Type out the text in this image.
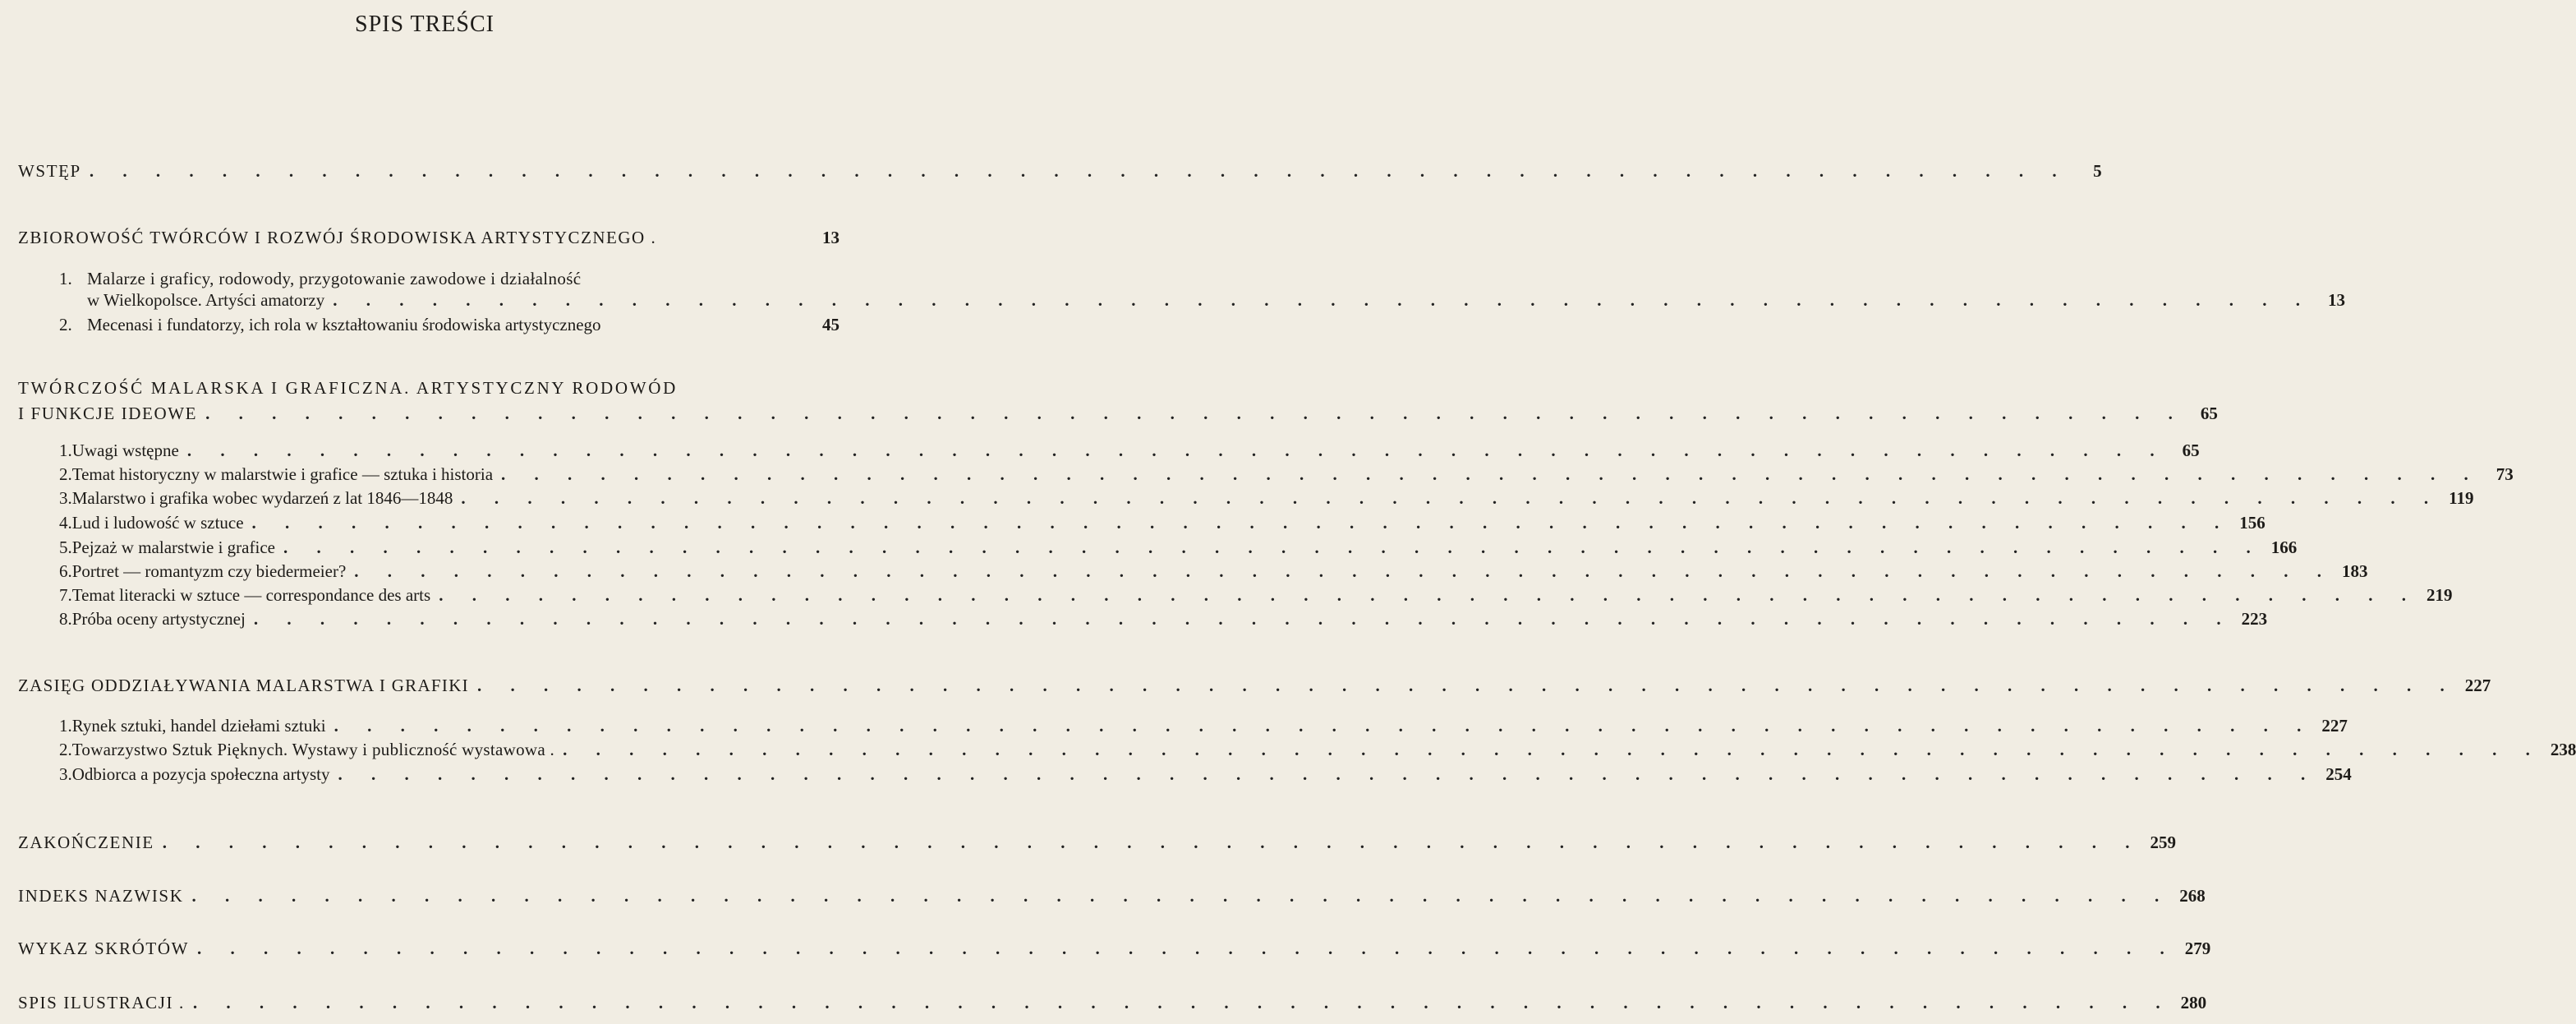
SPIS TREŚCI
WSTĘP . . . . . . . . . . . . . . . . . . . . . . . . . . . . . . . . . . . . . . . . . . . . . . . . . . . . . . . . . . . .	5
ZBIOROWOŚĆ TWÓRCÓW I ROZWÓJ ŚRODOWISKA ARTYSTYCZNEGO .	13
1. Malarze i graficy, rodowody, przygotowanie zawodowe i działalność
w Wielkopolsce. Artyści amatorzy . . . . . . . . . . . . . . . . . . . . . . . . . . . . . . . . . . . . . . . . . . . . . . . . . . . . . . . . . . . . 13
2. Mecenasi i fundatorzy, ich rola w kształtowaniu środowiska artystycznego	45
TWÓRCZOŚĆ MALARSKA I GRAFICZNA. ARTYSTYCZNY RODOWÓD
I FUNKCJE IDEOWE . . . . . . . . . . . . . . . . . . . . . . . . . . . . . . . . . . . . . . . . . . . . . . . . . . . . . . . . . . . . 65
1. Uwagi wstępne . . . . . . . . . . . . . . . . . . . . . . . . . . . . . . . . . . . . . . . . . . . . . . . . . . . . . . . . . . . . 65
2. Temat historyczny w malarstwie i grafice — sztuka i historia . . . . . . . . . . . . . . . . . . . . . . . . . . . . . . . . . . . . . . . . . . . . . . . . . . . . . . . . . . . . 73
3. Malarstwo i grafika wobec wydarzeń z lat 1846—1848 . . . . . . . . . . . . . . . . . . . . . . . . . . . . . . . . . . . . . . . . . . . . . . . . . . . . . . . . . . . . 119
4. Lud i ludowość w sztuce . . . . . . . . . . . . . . . . . . . . . . . . . . . . . . . . . . . . . . . . . . . . . . . . . . . . . . . . . . . . 156
5. Pejzaż w malarstwie i grafice . . . . . . . . . . . . . . . . . . . . . . . . . . . . . . . . . . . . . . . . . . . . . . . . . . . . . . . . . . . . 166
6. Portret — romantyzm czy biedermeier? . . . . . . . . . . . . . . . . . . . . . . . . . . . . . . . . . . . . . . . . . . . . . . . . . . . . . . . . . . . . 183
7. Temat literacki w sztuce — correspondance des arts . . . . . . . . . . . . . . . . . . . . . . . . . . . . . . . . . . . . . . . . . . . . . . . . . . . . . . . . . . . . 219
8. Próba oceny artystycznej . . . . . . . . . . . . . . . . . . . . . . . . . . . . . . . . . . . . . . . . . . . . . . . . . . . . . . . . . . . . 223
ZASIĘG ODDZIAŁYWANIA MALARSTWA I GRAFIKI . . . . . . . . . . . . . . . . . . . . . . . . . . . . . . . . . . . . . . . . . . . . . . . . . . . . . . . . . . . . 227
1. Rynek sztuki, handel dziełami sztuki . . . . . . . . . . . . . . . . . . . . . . . . . . . . . . . . . . . . . . . . . . . . . . . . . . . . . . . . . . . . 227
2. Towarzystwo Sztuk Pięknych. Wystawy i publiczność wystawowa . . . . . . . . . . . . . . . . . . . . . . . . . . . . . . . . . . . . . . . . . . . . . . . . . . . . . . . . . . . . . 238
3. Odbiorca a pozycja społeczna artysty . . . . . . . . . . . . . . . . . . . . . . . . . . . . . . . . . . . . . . . . . . . . . . . . . . . . . . . . . . . . 254
ZAKOŃCZENIE . . . . . . . . . . . . . . . . . . . . . . . . . . . . . . . . . . . . . . . . . . . . . . . . . . . . . . . . . . . . 259
INDEKS NAZWISK . . . . . . . . . . . . . . . . . . . . . . . . . . . . . . . . . . . . . . . . . . . . . . . . . . . . . . . . . . . . 268
WYKAZ SKRÓTÓW . . . . . . . . . . . . . . . . . . . . . . . . . . . . . . . . . . . . . . . . . . . . . . . . . . . . . . . . . . . . 279
SPIS ILUSTRACJI . . . . . . . . . . . . . . . . . . . . . . . . . . . . . . . . . . . . . . . . . . . . . . . . . . . . . . . . . . . . . 280
